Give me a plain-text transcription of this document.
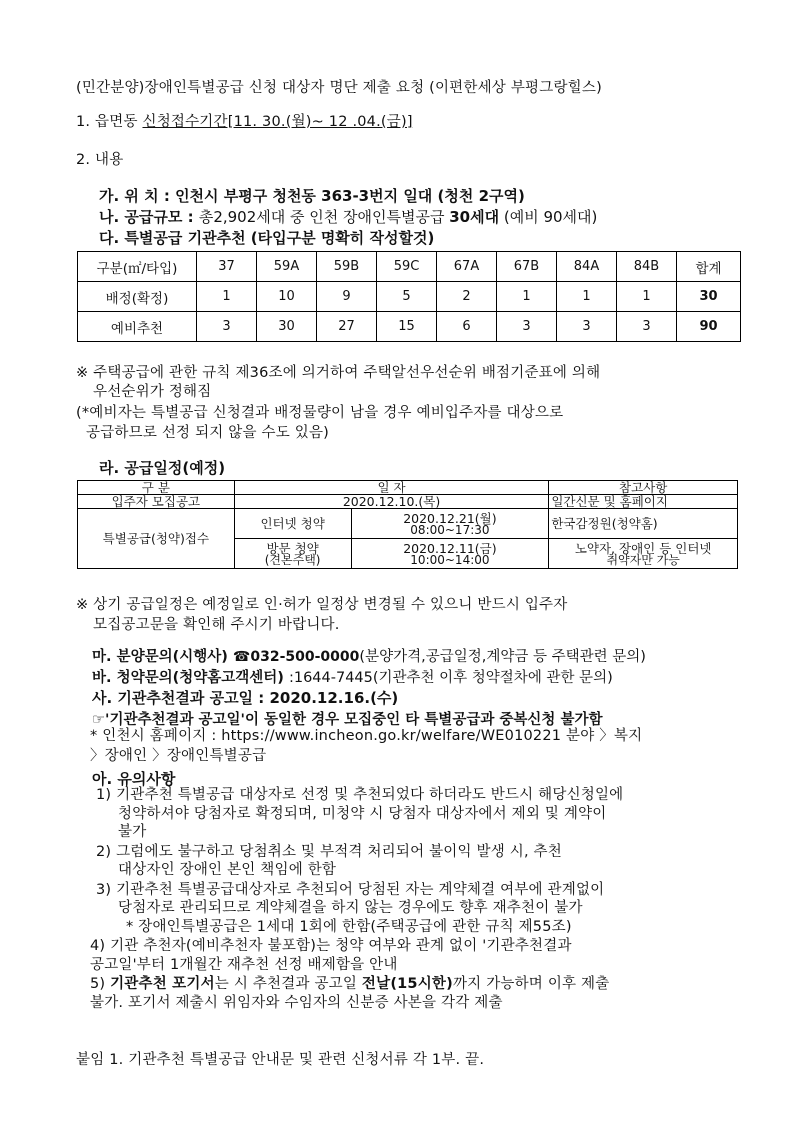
(민간분양)장애인특별공급 신청 대상자 명단 제출 요청 (이편한세상 부평그랑힐스)
1. 읍면동 신청접수기간[11. 30.(월)~ 12 .04.(금)]
2. 내용
가. 위 치 : 인천시 부평구 청천동 363-3번지 일대 (청천 2구역)
나. 공급규모 : 총2,902세대 중 인천 장애인특별공급 30세대 (예비 90세대)
다. 특별공급 기관추천 (타입구분 명확히 작성할것)
구분(㎡/타입)	37	59A	59B	59C	67A	67B	84A	84B	합계
배정(확정)	1	10	9	5	2	1	1	1	30
예비추천	3	30	27	15	6	3	3	3	90
※ 주택공급에 관한 규칙 제36조에 의거하여 주택알선우선순위 배점기준표에 의해
우선순위가 정해짐
(*예비자는 특별공급 신청결과 배정물량이 남을 경우 예비입주자를 대상으로
공급하므로 선정 되지 않을 수도 있음)
라. 공급일정(예정)
구 분	일 자		참고사항
입주자 모집공고	2020.12.10.(목)		일간신문 및 홈페이지
특별공급(청약)접수	인터넷 청약	2020.12.21(월)
08:00~17:30	한국감정원(청약홈)
	방문 청약
(견본주택)	2020.12.11(금)
10:00~14:00	노약자, 장애인 등 인터넷
취약자만 가능
※ 상기 공급일정은 예정일로 인·허가 일정상 변경될 수 있으니 반드시 입주자
모집공고문을 확인해 주시기 바랍니다.
마. 분양문의(시행사) ☎032-500-0000(분양가격,공급일정,계약금 등 주택관련 문의)
바. 청약문의(청약홈고객센터) :1644-7445(기관추천 이후 청약절차에 관한 문의)
사. 기관추천결과 공고일 : 2020.12.16.(수)
☞'기관추천결과 공고일'이 동일한 경우 모집중인 타 특별공급과 중복신청 불가함
* 인천시 홈페이지 : https://www.incheon.go.kr/welfare/WE010221 분야 〉복지
〉장애인 〉장애인특별공급
아. 유의사항
1) 기관추천 특별공급 대상자로 선정 및 추천되었다 하더라도 반드시 해당신청일에
청약하셔야 당첨자로 확정되며, 미청약 시 당첨자 대상자에서 제외 및 계약이
불가
2) 그럼에도 불구하고 당첨취소 및 부적격 처리되어 불이익 발생 시, 추천
대상자인 장애인 본인 책임에 한함
3) 기관추천 특별공급대상자로 추천되어 당첨된 자는 계약체결 여부에 관계없이
당첨자로 관리되므로 계약체결을 하지 않는 경우에도 향후 재추천이 불가
* 장애인특별공급은 1세대 1회에 한함(주택공급에 관한 규칙 제55조)
4) 기관 추천자(예비추천자 불포함)는 청약 여부와 관계 없이 '기관추천결과
공고일'부터 1개월간 재추천 선정 배제함을 안내
5) 기관추천 포기서는 시 추천결과 공고일 전날(15시한)까지 가능하며 이후 제출
불가. 포기서 제출시 위임자와 수임자의 신분증 사본을 각각 제출
붙임 1. 기관추천 특별공급 안내문 및 관련 신청서류 각 1부. 끝.
